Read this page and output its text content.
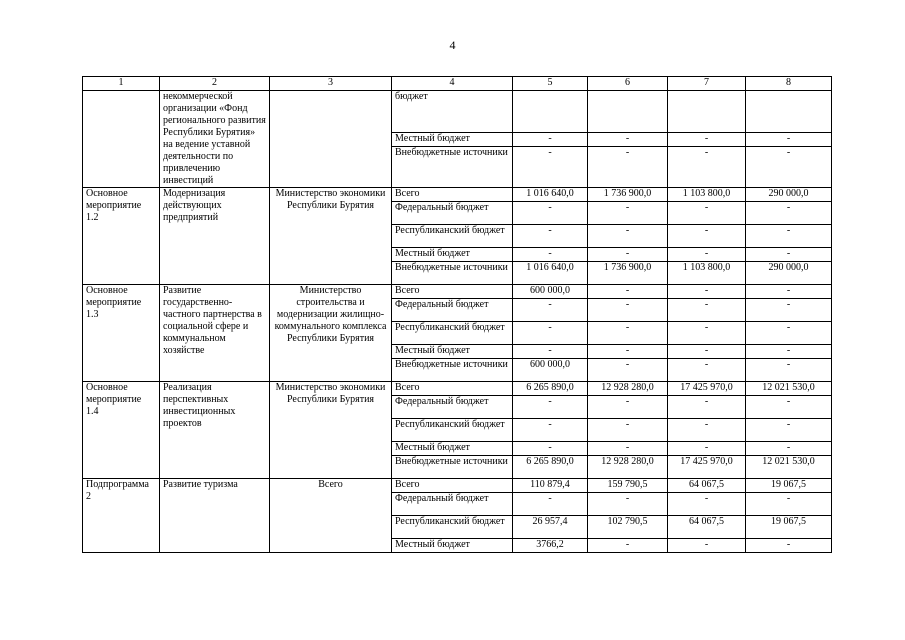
4
1	2	3	4	5	6	7	8
	некоммерческой организации «Фонд регионального развития Республики Бурятия» на ведение уставной деятельности по привлечению инвестиций		бюджет				
			Местный бюджет	-	-	-	-
			Внебюджетные источники	-	-	-	-
Основное мероприятие 1.2	Модернизация действующих предприятий	Министерство экономики Республики Бурятия	Всего	1 016 640,0	1 736 900,0	1 103 800,0	290 000,0
			Федеральный бюджет	-	-	-	-
			Республиканский бюджет	-	-	-	-
			Местный бюджет	-	-	-	-
			Внебюджетные источники	1 016 640,0	1 736 900,0	1 103 800,0	290 000,0
Основное мероприятие 1.3	Развитие государственно-частного партнерства в социальной сфере и коммунальном хозяйстве	Министерство строительства и модернизации жилищно-коммунального комплекса Республики Бурятия	Всего	600 000,0	-	-	-
			Федеральный бюджет	-	-	-	-
			Республиканский бюджет	-	-	-	-
			Местный бюджет	-	-	-	-
			Внебюджетные источники	600 000,0	-	-	-
Основное мероприятие 1.4	Реализация перспективных инвестиционных проектов	Министерство экономики Республики Бурятия	Всего	6 265 890,0	12 928 280,0	17 425 970,0	12 021 530,0
			Федеральный бюджет	-	-	-	-
			Республиканский бюджет	-	-	-	-
			Местный бюджет	-	-	-	-
			Внебюджетные источники	6 265 890,0	12 928 280,0	17 425 970,0	12 021 530,0
Подпрограмма 2	Развитие туризма	Всего	Всего	110 879,4	159 790,5	64 067,5	19 067,5
			Федеральный бюджет	-	-	-	-
			Республиканский бюджет	26 957,4	102 790,5	64 067,5	19 067,5
			Местный бюджет	3766,2	-	-	-
